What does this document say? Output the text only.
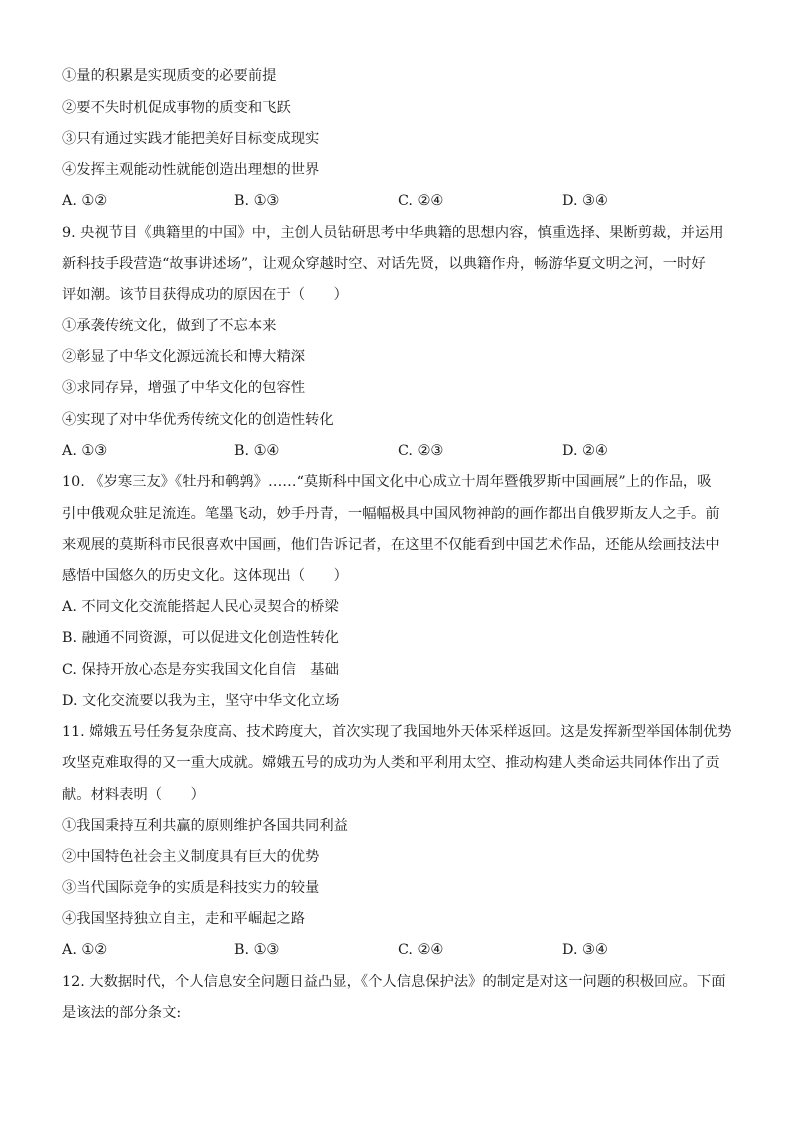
①量的积累是实现质变的必要前提
②要不失时机促成事物的质变和飞跃
③只有通过实践才能把美好目标变成现实
④发挥主观能动性就能创造出理想的世界
A. ①②	B. ①③	C. ②④	D. ③④
9. 央视节目《典籍里的中国》中，主创人员钻研思考中华典籍的思想内容，慎重选择、果断剪裁，并运用
新科技手段营造“故事讲述场”，让观众穿越时空、对话先贤，以典籍作舟，畅游华夏文明之河，一时好
评如潮。该节目获得成功的原因在于（　　）
①承袭传统文化，做到了不忘本来
②彰显了中华文化源远流长和博大精深
③求同存异，增强了中华文化的包容性
④实现了对中华优秀传统文化的创造性转化
A. ①③	B. ①④	C. ②③	D. ②④
10. 《岁寒三友》《牡丹和鹌鹑》……“莫斯科中国文化中心成立十周年暨俄罗斯中国画展”上的作品，吸
引中俄观众驻足流连。笔墨飞动，妙手丹青，一幅幅极具中国风物神韵的画作都出自俄罗斯友人之手。前
来观展的莫斯科市民很喜欢中国画，他们告诉记者，在这里不仅能看到中国艺术作品，还能从绘画技法中
感悟中国悠久的历史文化。这体现出（　　）
A. 不同文化交流能搭起人民心灵契合的桥梁
B. 融通不同资源，可以促进文化创造性转化
C. 保持开放心态是夯实我国文化自信　基础
D. 文化交流要以我为主，坚守中华文化立场
11. 嫦娥五号任务复杂度高、技术跨度大，首次实现了我国地外天体采样返回。这是发挥新型举国体制优势
攻坚克难取得的又一重大成就。嫦娥五号的成功为人类和平利用太空、推动构建人类命运共同体作出了贡
献。材料表明（　　）
①我国秉持互利共赢的原则维护各国共同利益
②中国特色社会主义制度具有巨大的优势
③当代国际竞争的实质是科技实力的较量
④我国坚持独立自主，走和平崛起之路
A. ①②	B. ①③	C. ②④	D. ③④
12. 大数据时代，个人信息安全问题日益凸显，《个人信息保护法》的制定是对这一问题的积极回应。下面
是该法的部分条文:
